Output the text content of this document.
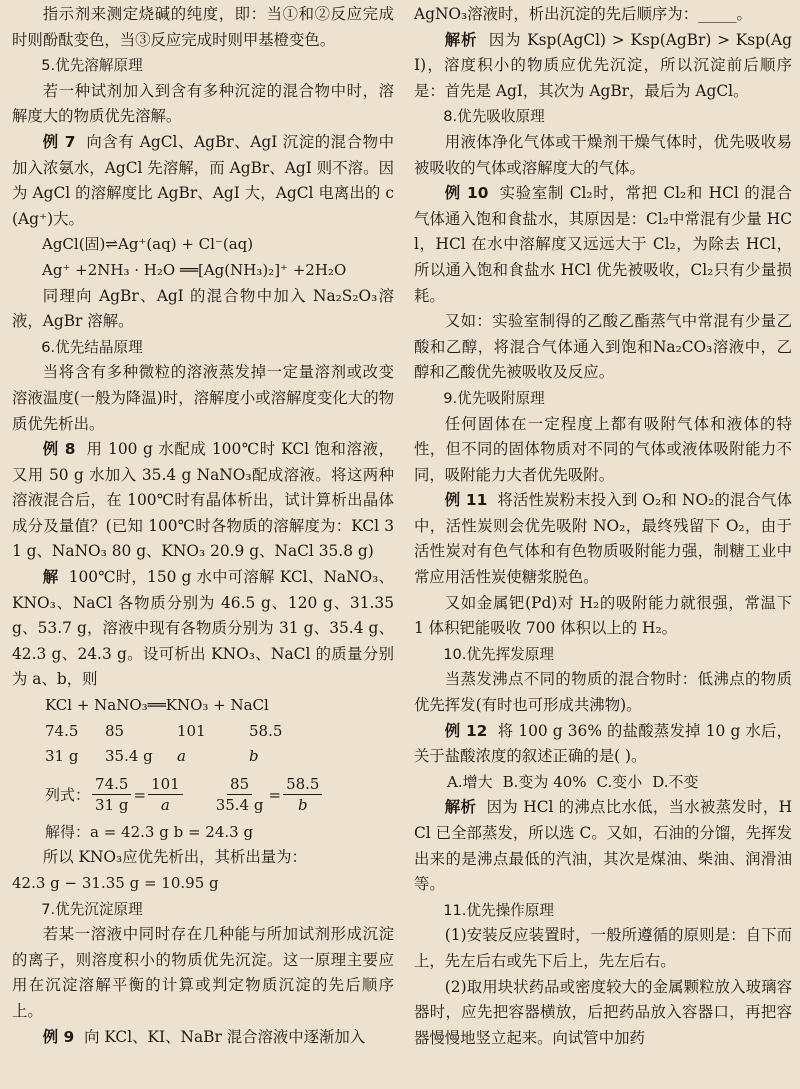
指示剂来测定烧碱的纯度，即：当①和②反应完成时则酚酞变色，当③反应完成时则甲基橙变色。

5.优先溶解原理

若一种试剂加入到含有多种沉淀的混合物中时，溶解度大的物质优先溶解。

例 7 向含有 AgCl、AgBr、AgI 沉淀的混合物中加入浓氨水，AgCl 先溶解，而 AgBr、AgI 则不溶。因为 AgCl 的溶解度比 AgBr、AgI 大，AgCl 电离出的 c(Ag⁺)大。

AgCl(固)⇌Ag⁺(aq) + Cl⁻(aq)

Ag⁺ +2NH₃ · H₂O ══[Ag(NH₃)₂]⁺ +2H₂O

同理向 AgBr、AgI 的混合物中加入 Na₂S₂O₃溶液，AgBr 溶解。

6.优先结晶原理

当将含有多种微粒的溶液蒸发掉一定量溶剂或改变溶液温度(一般为降温)时，溶解度小或溶解度变化大的物质优先析出。

例 8 用 100 g 水配成 100℃时 KCl 饱和溶液，又用 50 g 水加入 35.4 g NaNO₃配成溶液。将这两种溶液混合后，在 100℃时有晶体析出，试计算析出晶体成分及量值？(已知 100℃时各物质的溶解度为：KCl 31 g、NaNO₃ 80 g、KNO₃ 20.9 g、NaCl 35.8 g)

解 100℃时，150 g 水中可溶解 KCl、NaNO₃、KNO₃、NaCl 各物质分别为 46.5 g、120 g、31.35 g、53.7 g，溶液中现有各物质分别为 31 g、35.4 g、42.3 g、24.3 g。设可析出 KNO₃、NaCl 的质量分别为 a、b，则

KCl + NaNO₃══KNO₃ + NaCl

74.5 85	101	58.5

31 g 35.4 g a	b

列式： $\frac{74.5}{31 g} = \frac{101}{a} \frac{85}{35.4 g} = \frac{58.5}{b}$

解得：a = 42.3 g b = 24.3 g

所以 KNO₃应优先析出，其析出量为：

42.3 g − 31.35 g = 10.95 g

7.优先沉淀原理

若某一溶液中同时存在几种能与所加试剂形成沉淀的离子，则溶度积小的物质优先沉淀。这一原理主要应用在沉淀溶解平衡的计算或判定物质沉淀的先后顺序上。

例 9 向 KCl、KI、NaBr 混合溶液中逐渐加入

AgNO₃溶液时，析出沉淀的先后顺序为：_____。

解析 因为 Ksp(AgCl) > Ksp(AgBr) > Ksp(AgI)，溶度积小的物质应优先沉淀，所以沉淀前后顺序是：首先是 AgI，其次为 AgBr，最后为 AgCl。

8.优先吸收原理

用液体净化气体或干燥剂干燥气体时，优先吸收易被吸收的气体或溶解度大的气体。

例 10 实验室制 Cl₂时，常把 Cl₂和 HCl 的混合气体通入饱和食盐水，其原因是：Cl₂中常混有少量 HCl，HCl 在水中溶解度又远远大于 Cl₂，为除去 HCl，所以通入饱和食盐水 HCl 优先被吸收，Cl₂只有少量损耗。

又如：实验室制得的乙酸乙酯蒸气中常混有少量乙酸和乙醇，将混合气体通入到饱和Na₂CO₃溶液中，乙醇和乙酸优先被吸收及反应。

9.优先吸附原理

任何固体在一定程度上都有吸附气体和液体的特性，但不同的固体物质对不同的气体或液体吸附能力不同，吸附能力大者优先吸附。

例 11 将活性炭粉末投入到 O₂和 NO₂的混合气体中，活性炭则会优先吸附 NO₂，最终残留下 O₂，由于活性炭对有色气体和有色物质吸附能力强，制糖工业中常应用活性炭使糖浆脱色。

又如金属钯(Pd)对 H₂的吸附能力就很强，常温下 1 体积钯能吸收 700 体积以上的 H₂。

10.优先挥发原理

当蒸发沸点不同的物质的混合物时：低沸点的物质优先挥发(有时也可形成共沸物)。

例 12 将 100 g 36% 的盐酸蒸发掉 10 g 水后，关于盐酸浓度的叙述正确的是( )。

A.增大 B.变为 40% C.变小 D.不变

解析 因为 HCl 的沸点比水低，当水被蒸发时，HCl 已全部蒸发，所以选 C。又如，石油的分馏，先挥发出来的是沸点最低的汽油，其次是煤油、柴油、润滑油等。

11.优先操作原理

(1)安装反应装置时，一般所遵循的原则是：自下而上，先左后右或先下后上，先左后右。

(2)取用块状药品或密度较大的金属颗粒放入玻璃容器时，应先把容器横放，后把药品放入容器口，再把容器慢慢地竖立起来。向试管中加药
